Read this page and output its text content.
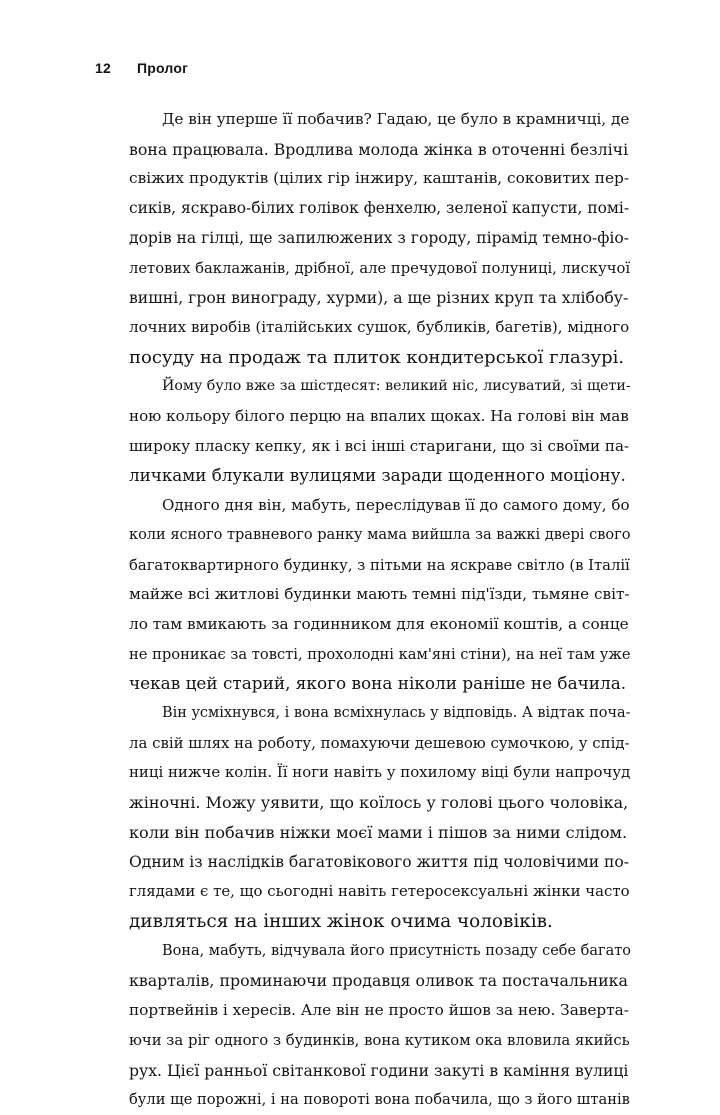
12 Пролог

Де він уперше її побачив? Гадаю, це було в крамничці, де
вона працювала. Вродлива молода жінка в оточенні безлічі
свіжих продуктів (цілих гір інжиру, каштанів, соковитих пер-
сиків, яскраво-білих голівок фенхелю, зеленої капусти, помі-
дорів на гілці, ще запилюжених з городу, пірамід темно-фіо-
летових баклажанів, дрібної, але пречудової полуниці, лискучої
вишні, грон винограду, хурми), а ще різних круп та хлібобу-
лочних виробів (італійських сушок, бубликів, багетів), мідного
посуду на продаж та плиток кондитерської глазурі.

Йому було вже за шістдесят: великий ніс, лисуватий, зі щети-
ною кольору білого перцю на впалих щоках. На голові він мав
широку пласку кепку, як і всі інші старигани, що зі своїми па-
личками блукали вулицями заради щоденного моціону.

Одного дня він, мабуть, переслідував її до самого дому, бо
коли ясного травневого ранку мама вийшла за важкі двері свого
багатоквартирного будинку, з пітьми на яскраве світло (в Італії
майже всі житлові будинки мають темні під'їзди, тьмяне світ-
ло там вмикають за годинником для економії коштів, а сонце
не проникає за товсті, прохолодні кам'яні стіни), на неї там уже
чекав цей старий, якого вона ніколи раніше не бачила.

Він усміхнувся, і вона всміхнулась у відповідь. А відтак поча-
ла свій шлях на роботу, помахуючи дешевою сумочкою, у спід-
ниці нижче колін. Її ноги навіть у похилому віці були напрочуд
жіночні. Можу уявити, що коїлось у голові цього чоловіка,
коли він побачив ніжки моєї мами і пішов за ними слідом.
Одним із наслідків багатовікового життя під чоловічими по-
глядами є те, що сьогодні навіть гетеросексуальні жінки часто
дивляться на інших жінок очима чоловіків.

Вона, мабуть, відчувала його присутність позаду себе багато
кварталів, проминаючи продавця оливок та постачальника
портвейнів і хересів. Але він не просто йшов за нею. Заверта-
ючи за ріг одного з будинків, вона кутиком ока вловила якийсь
рух. Цієї ранньої світанкової години закуті в каміння вулиці
були ще порожні, і на повороті вона побачила, що з його штанів
